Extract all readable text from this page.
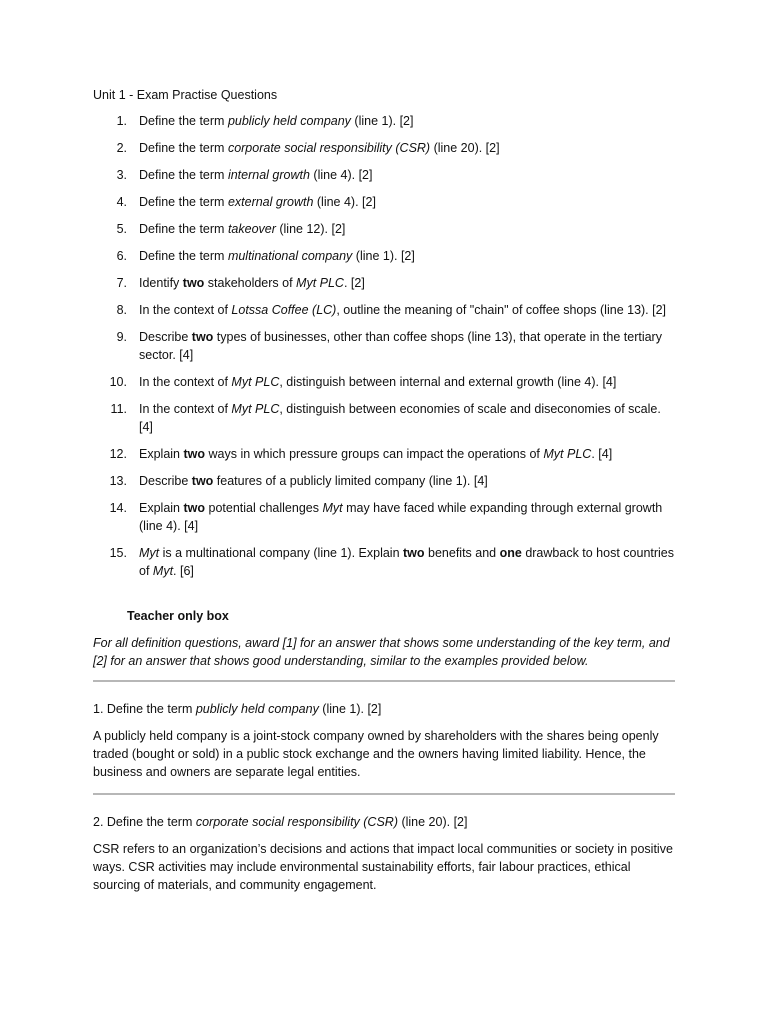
Unit 1 - Exam Practise Questions
1. Define the term publicly held company (line 1). [2]
2. Define the term corporate social responsibility (CSR) (line 20). [2]
3. Define the term internal growth (line 4). [2]
4. Define the term external growth (line 4). [2]
5. Define the term takeover (line 12). [2]
6. Define the term multinational company (line 1). [2]
7. Identify two stakeholders of Myt PLC. [2]
8. In the context of Lotssa Coffee (LC), outline the meaning of "chain" of coffee shops (line 13). [2]
9. Describe two types of businesses, other than coffee shops (line 13), that operate in the tertiary sector. [4]
10. In the context of Myt PLC, distinguish between internal and external growth (line 4). [4]
11. In the context of Myt PLC, distinguish between economies of scale and diseconomies of scale. [4]
12. Explain two ways in which pressure groups can impact the operations of Myt PLC. [4]
13. Describe two features of a publicly limited company (line 1). [4]
14. Explain two potential challenges Myt may have faced while expanding through external growth (line 4). [4]
15. Myt is a multinational company (line 1). Explain two benefits and one drawback to host countries of Myt. [6]
Teacher only box
For all definition questions, award [1] for an answer that shows some understanding of the key term, and [2] for an answer that shows good understanding, similar to the examples provided below.
1. Define the term publicly held company (line 1). [2]
A publicly held company is a joint-stock company owned by shareholders with the shares being openly traded (bought or sold) in a public stock exchange and the owners having limited liability. Hence, the business and owners are separate legal entities.
2. Define the term corporate social responsibility (CSR) (line 20). [2]
CSR refers to an organization’s decisions and actions that impact local communities or society in positive ways. CSR activities may include environmental sustainability efforts, fair labour practices, ethical sourcing of materials, and community engagement.
